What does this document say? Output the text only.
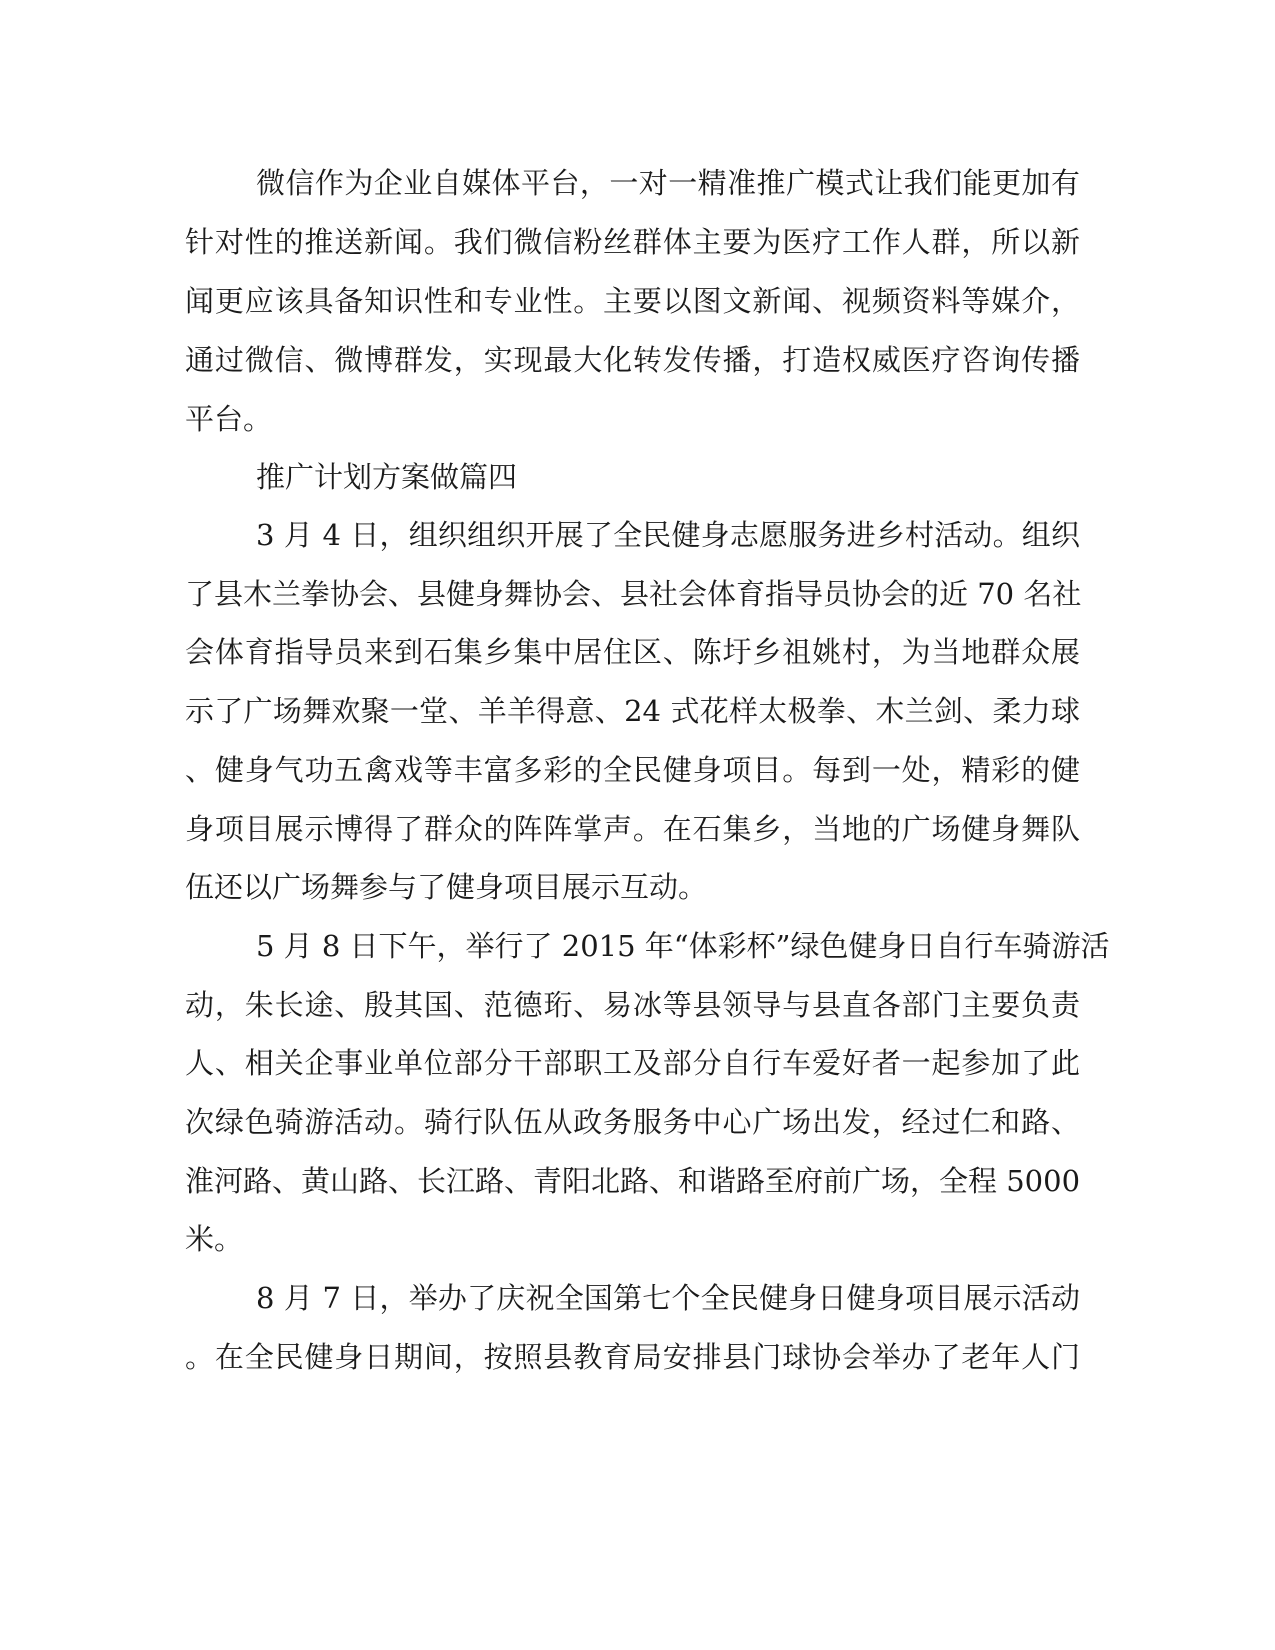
微信作为企业自媒体平台，一对一精准推广模式让我们能更加有

针对性的推送新闻。我们微信粉丝群体主要为医疗工作人群，所以新

闻更应该具备知识性和专业性。主要以图文新闻、视频资料等媒介，

通过微信、微博群发，实现最大化转发传播，打造权威医疗咨询传播

平台。

推广计划方案做篇四

3 月 4 日，组织组织开展了全民健身志愿服务进乡村活动。组织

了县木兰拳协会、县健身舞协会、县社会体育指导员协会的近 70 名社

会体育指导员来到石集乡集中居住区、陈圩乡祖姚村，为当地群众展

示了广场舞欢聚一堂、羊羊得意、24 式花样太极拳、木兰剑、柔力球

、健身气功五禽戏等丰富多彩的全民健身项目。每到一处，精彩的健

身项目展示博得了群众的阵阵掌声。在石集乡，当地的广场健身舞队

伍还以广场舞参与了健身项目展示互动。

5 月 8 日下午，举行了 2015 年“体彩杯”绿色健身日自行车骑游活

动，朱长途、殷其国、范德珩、易冰等县领导与县直各部门主要负责

人、相关企事业单位部分干部职工及部分自行车爱好者一起参加了此

次绿色骑游活动。骑行队伍从政务服务中心广场出发，经过仁和路、

淮河路、黄山路、长江路、青阳北路、和谐路至府前广场，全程 5000

米。

8 月 7 日，举办了庆祝全国第七个全民健身日健身项目展示活动

。在全民健身日期间，按照县教育局安排县门球协会举办了老年人门
